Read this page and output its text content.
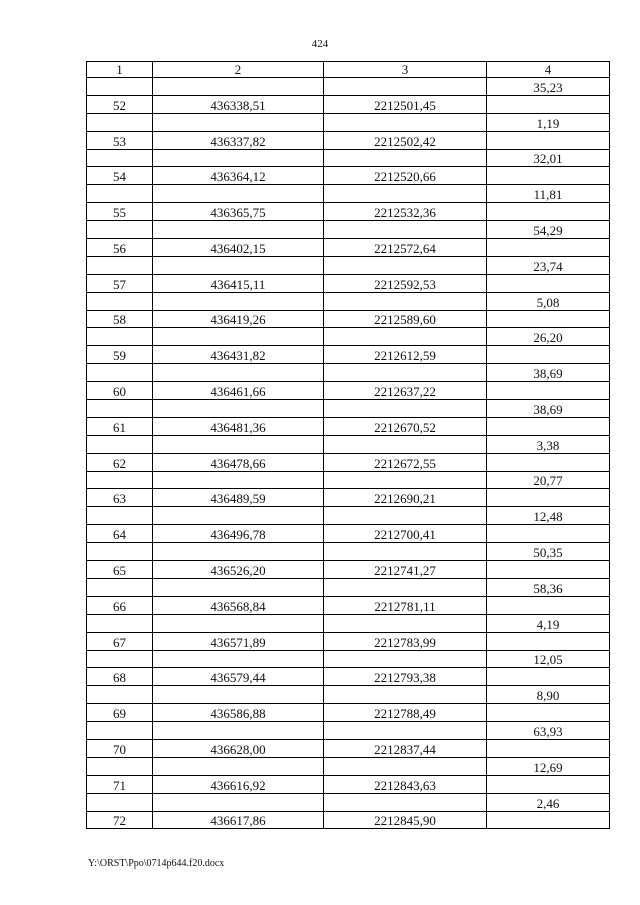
424
1	2	3	4
			35,23
52	436338,51	2212501,45	
			1,19
53	436337,82	2212502,42	
			32,01
54	436364,12	2212520,66	
			11,81
55	436365,75	2212532,36	
			54,29
56	436402,15	2212572,64	
			23,74
57	436415,11	2212592,53	
			5,08
58	436419,26	2212589,60	
			26,20
59	436431,82	2212612,59	
			38,69
60	436461,66	2212637,22	
			38,69
61	436481,36	2212670,52	
			3,38
62	436478,66	2212672,55	
			20,77
63	436489,59	2212690,21	
			12,48
64	436496,78	2212700,41	
			50,35
65	436526,20	2212741,27	
			58,36
66	436568,84	2212781,11	
			4,19
67	436571,89	2212783,99	
			12,05
68	436579,44	2212793,38	
			8,90
69	436586,88	2212788,49	
			63,93
70	436628,00	2212837,44	
			12,69
71	436616,92	2212843,63	
			2,46
72	436617,86	2212845,90	
Y:\ORST\Ppo\0714p644.f20.docx
